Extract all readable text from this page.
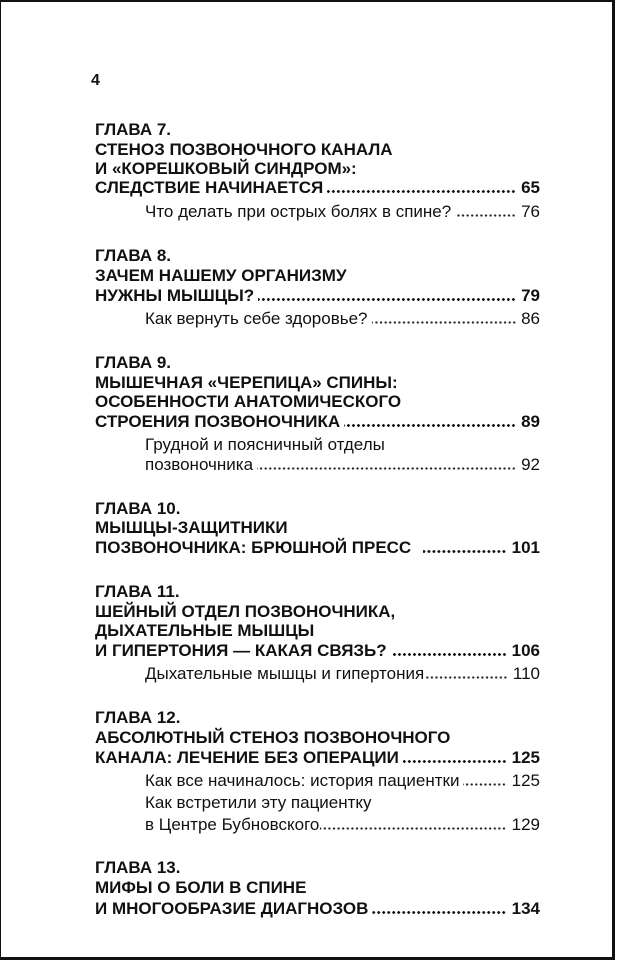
4
ГЛАВА 7.
СТЕНОЗ ПОЗВОНОЧНОГО КАНАЛА
И «КОРЕШКОВЫЙ СИНДРОМ»:
СЛЕДСТВИЕ НАЧИНАЕТСЯ	65
Что делать при острых болях в спине?	76
ГЛАВА 8.
ЗАЧЕМ НАШЕМУ ОРГАНИЗМУ
НУЖНЫ МЫШЦЫ?	79
Как вернуть себе здоровье?	86
ГЛАВА 9.
МЫШЕЧНАЯ «ЧЕРЕПИЦА» СПИНЫ:
ОСОБЕННОСТИ АНАТОМИЧЕСКОГО
СТРОЕНИЯ ПОЗВОНОЧНИКА	89
Грудной и поясничный отделы
позвоночника	92
ГЛАВА 10.
МЫШЦЫ-ЗАЩИТНИКИ
ПОЗВОНОЧНИКА: БРЮШНОЙ ПРЕСС	101
ГЛАВА 11.
ШЕЙНЫЙ ОТДЕЛ ПОЗВОНОЧНИКА,
ДЫХАТЕЛЬНЫЕ МЫШЦЫ
И ГИПЕРТОНИЯ — КАКАЯ СВЯЗЬ?	106
Дыхательные мышцы и гипертония	110
ГЛАВА 12.
АБСОЛЮТНЫЙ СТЕНОЗ ПОЗВОНОЧНОГО
КАНАЛА: ЛЕЧЕНИЕ БЕЗ ОПЕРАЦИИ	125
Как все начиналось: история пациентки	125
Как встретили эту пациентку
в Центре Бубновского	129
ГЛАВА 13.
МИФЫ О БОЛИ В СПИНЕ
И МНОГООБРАЗИЕ ДИАГНОЗОВ	134
